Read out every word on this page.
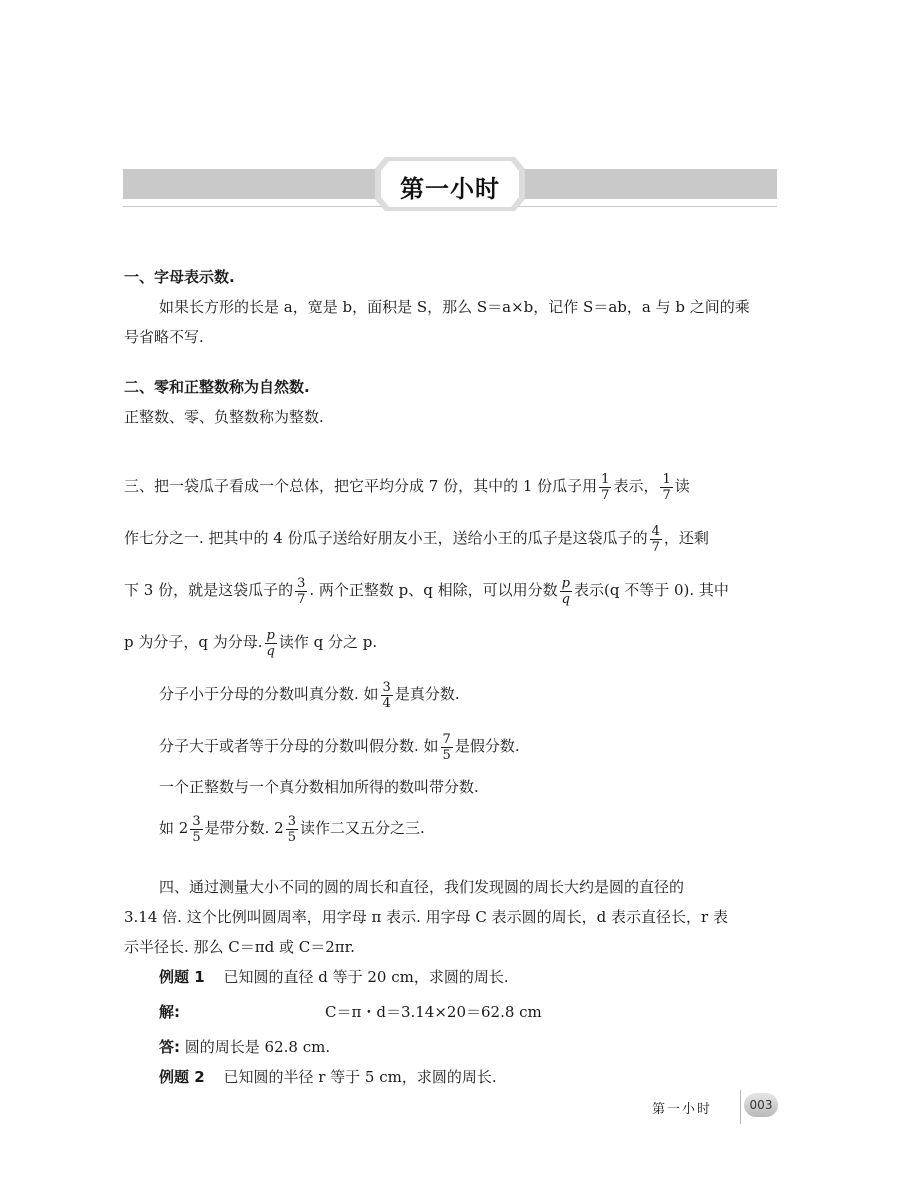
第一小时
一、字母表示数.
如果长方形的长是 a，宽是 b，面积是 S，那么 S＝a×b，记作 S＝ab，a 与 b 之间的乘
号省略不写.
二、零和正整数称为自然数.
正整数、零、负整数称为整数.
三、把一袋瓜子看成一个总体，把它平均分成 7 份，其中的 1 份瓜子用 $\frac{1}{7}$ 表示， $\frac{1}{7}$ 读
作七分之一. 把其中的 4 份瓜子送给好朋友小王，送给小王的瓜子是这袋瓜子的 $\frac{4}{7}$ ，还剩
下 3 份，就是这袋瓜子的 $\frac{3}{7}$ . 两个正整数 p、q 相除，可以用分数 $\frac{p}{q}$ 表示(q 不等于 0). 其中
p 为分子，q 为分母. $\frac{p}{q}$ 读作 q 分之 p.
分子小于分母的分数叫真分数. 如 $\frac{3}{4}$ 是真分数.
分子大于或者等于分母的分数叫假分数. 如 $\frac{7}{5}$ 是假分数.
一个正整数与一个真分数相加所得的数叫带分数.
如 $2 \frac{3}{5}$ 是带分数. $2 \frac{3}{5}$ 读作二又五分之三.
四、通过测量大小不同的圆的周长和直径，我们发现圆的周长大约是圆的直径的
3.14 倍. 这个比例叫圆周率，用字母 π 表示. 用字母 C 表示圆的周长，d 表示直径长，r 表
示半径长. 那么 C＝πd 或 C＝2πr.
例题 1 已知圆的直径 d 等于 20 cm，求圆的周长.
解:	C＝π・d＝3.14×20＝62.8 cm
答: 圆的周长是 62.8 cm.
例题 2 已知圆的半径 r 等于 5 cm，求圆的周长.
第一小时	003
